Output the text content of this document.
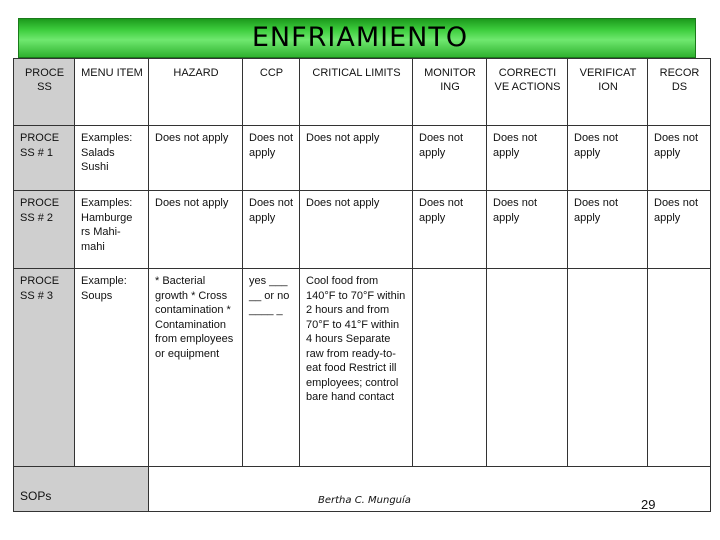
ENFRIAMIENTO
PROCE SS	MENU ITEM	HAZARD	CCP	CRITICAL LIMITS	MONITOR ING	CORRECTI VE ACTIONS	VERIFICAT ION	RECOR DS
PROCE SS # 1	Examples: Salads Sushi	Does not apply	Does not apply	Does not apply	Does not apply	Does not apply	Does not apply	Does not apply
PROCE SS # 2	Examples: Hamburge rs Mahi-mahi	Does not apply	Does not apply	Does not apply	Does not apply	Does not apply	Does not apply	Does not apply
PROCE SS # 3	Example: Soups	* Bacterial growth * Cross contamination * Contamination from employees or equipment	yes ___ __ or no ____ _	Cool food from 140°F to 70°F within 2 hours and from 70°F to 41°F within 4 hours Separate raw from ready-to-eat food Restrict ill employees; control bare hand contact				
SOPs									Bertha C. Munguía	29
